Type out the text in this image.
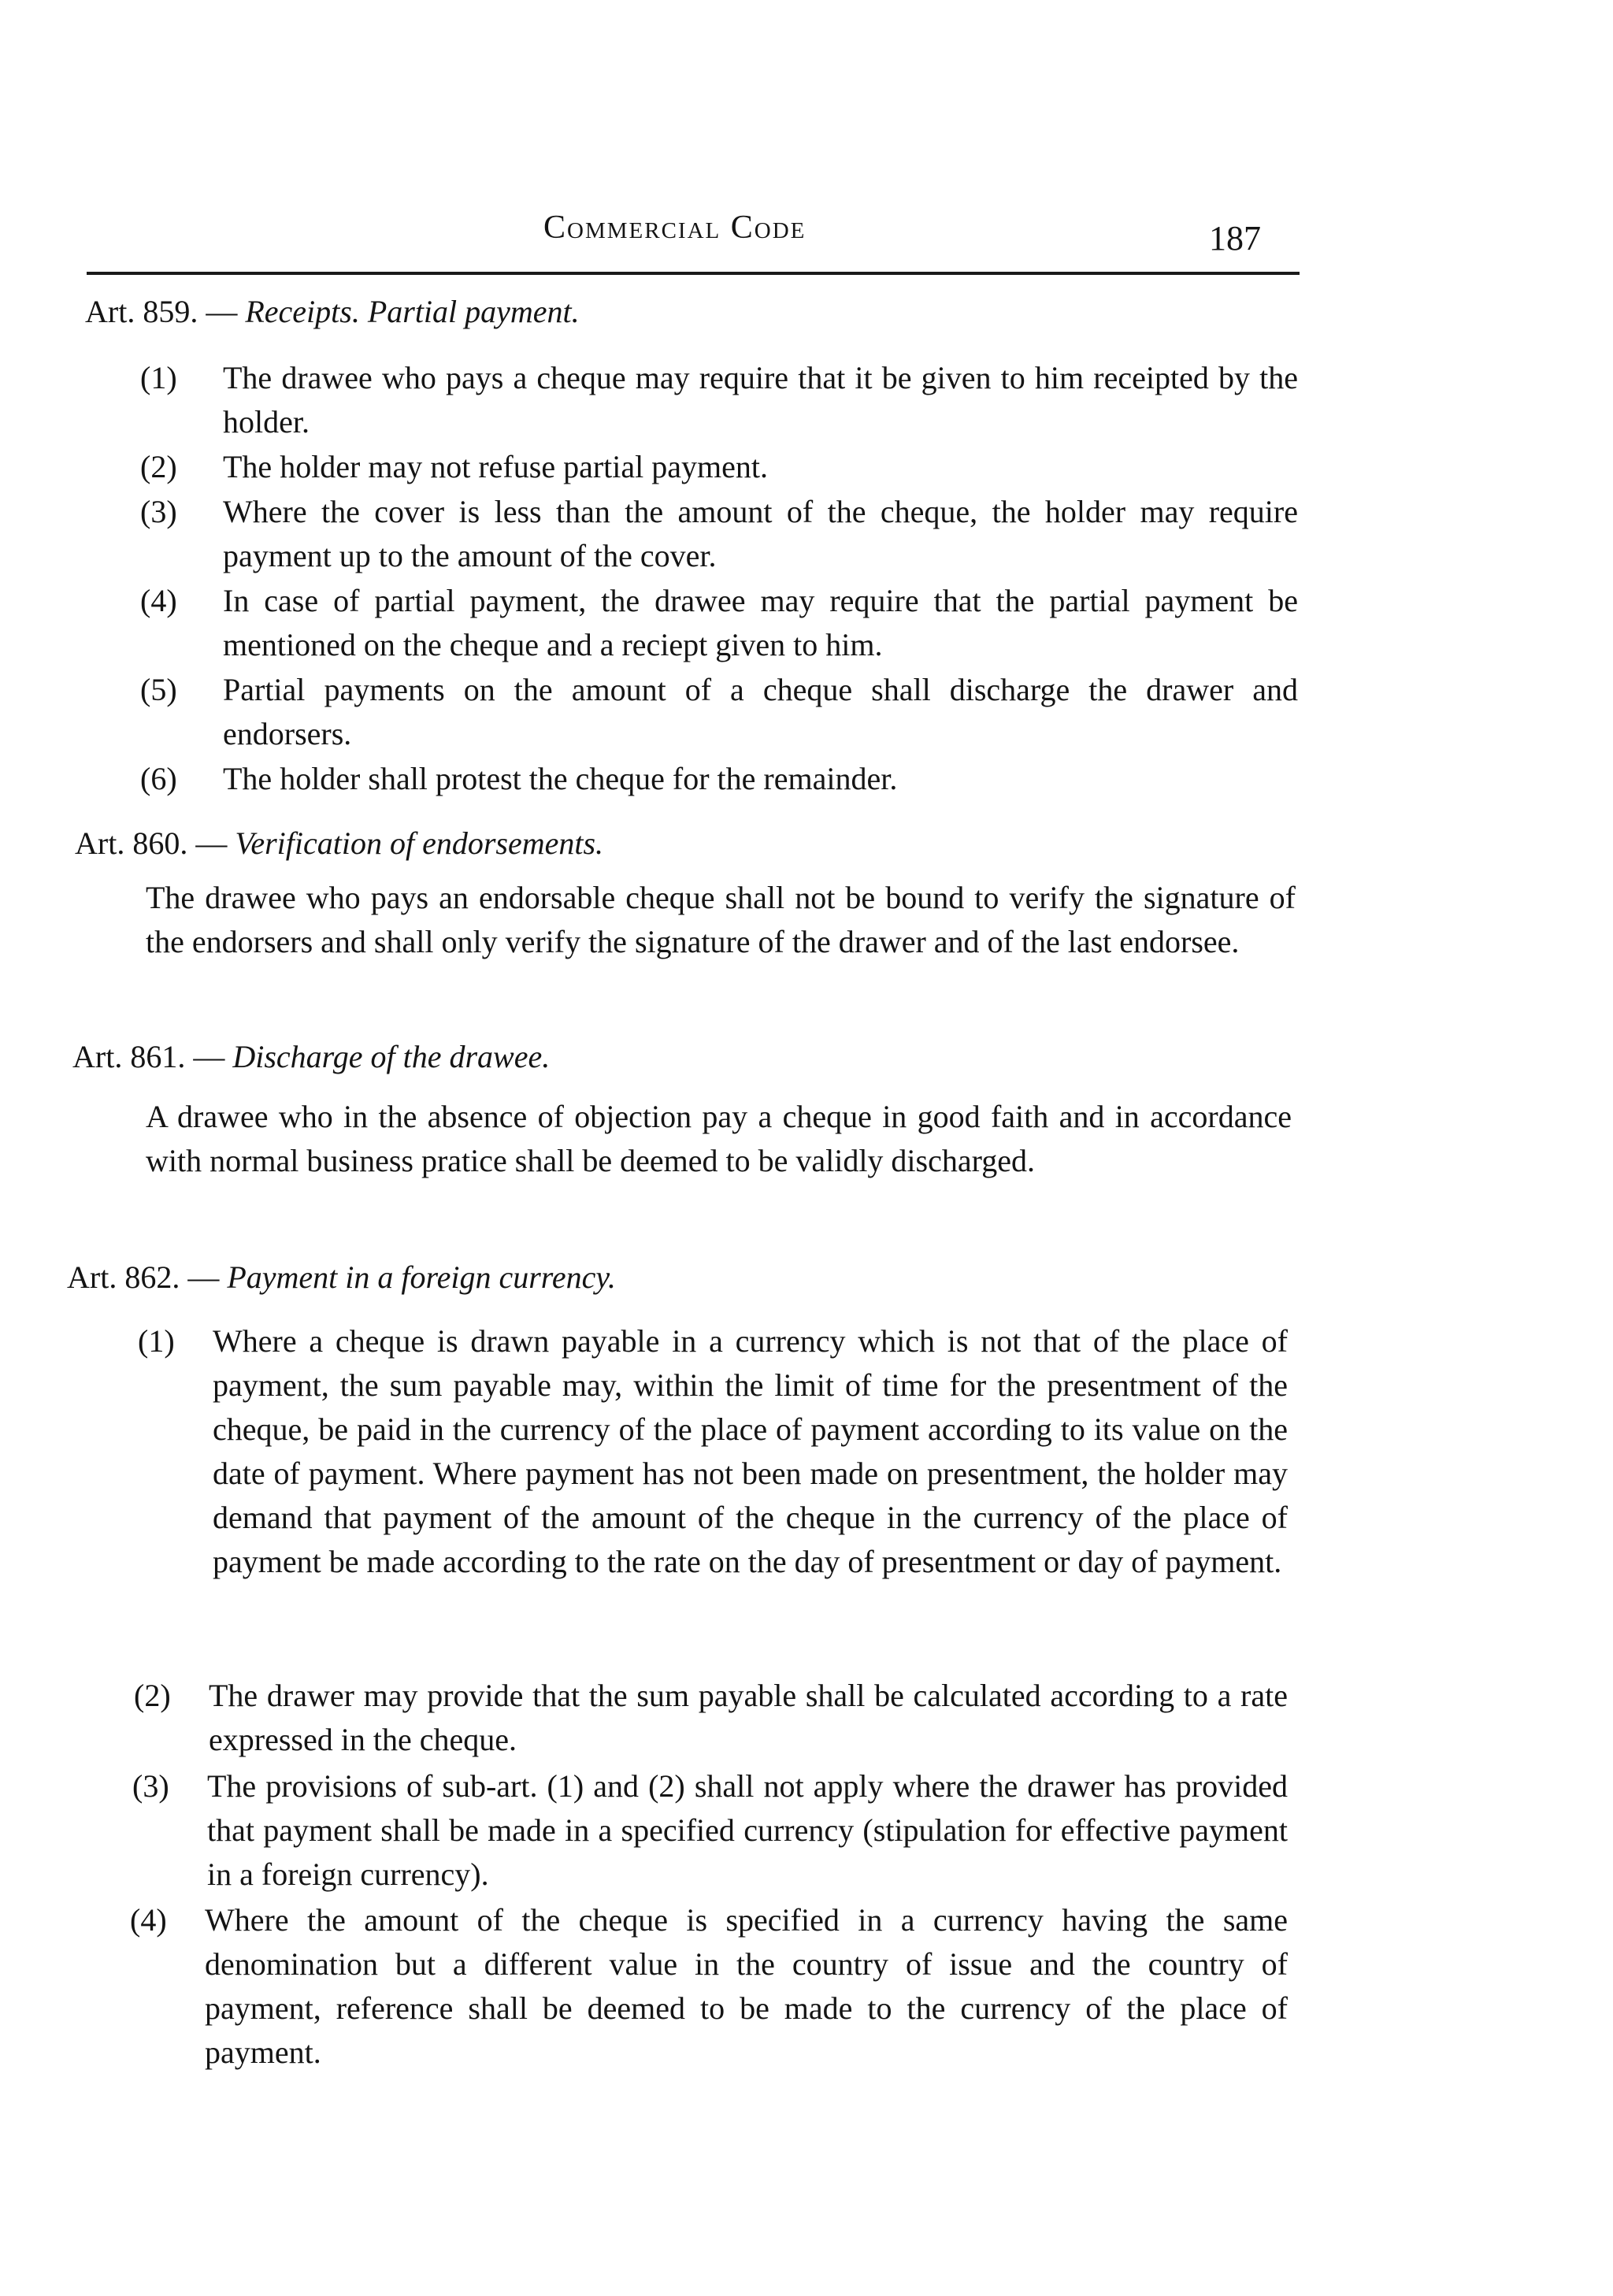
Commercial Code	187
Art. 859. — Receipts. Partial payment.
(1) The drawee who pays a cheque may require that it be given to him receipted by the holder.
(2) The holder may not refuse partial payment.
(3) Where the cover is less than the amount of the cheque, the holder may require payment up to the amount of the cover.
(4) In case of partial payment, the drawee may require that the partial payment be mentioned on the cheque and a reciept given to him.
(5) Partial payments on the amount of a cheque shall discharge the drawer and endorsers.
(6) The holder shall protest the cheque for the remainder.
Art. 860. — Verification of endorsements.
The drawee who pays an endorsable cheque shall not be bound to verify the signature of the endorsers and shall only verify the signature of the drawer and of the last endorsee.
Art. 861. — Discharge of the drawee.
A drawee who in the absence of objection pay a cheque in good faith and in accordance with normal business pratice shall be deemed to be validly discharged.
Art. 862. — Payment in a foreign currency.
(1) Where a cheque is drawn payable in a currency which is not that of the place of payment, the sum payable may, within the limit of time for the presentment of the cheque, be paid in the currency of the place of payment according to its value on the date of payment. Where payment has not been made on presentment, the holder may demand that payment of the amount of the cheque in the currency of the place of payment be made according to the rate on the day of presentment or day of payment.
(2) The drawer may provide that the sum payable shall be calculated according to a rate expressed in the cheque.
(3) The provisions of sub-art. (1) and (2) shall not apply where the drawer has provided that payment shall be made in a specified currency (stipulation for effective payment in a foreign currency).
(4) Where the amount of the cheque is specified in a currency having the same denomination but a different value in the country of issue and the country of payment, reference shall be deemed to be made to the currency of the place of payment.
